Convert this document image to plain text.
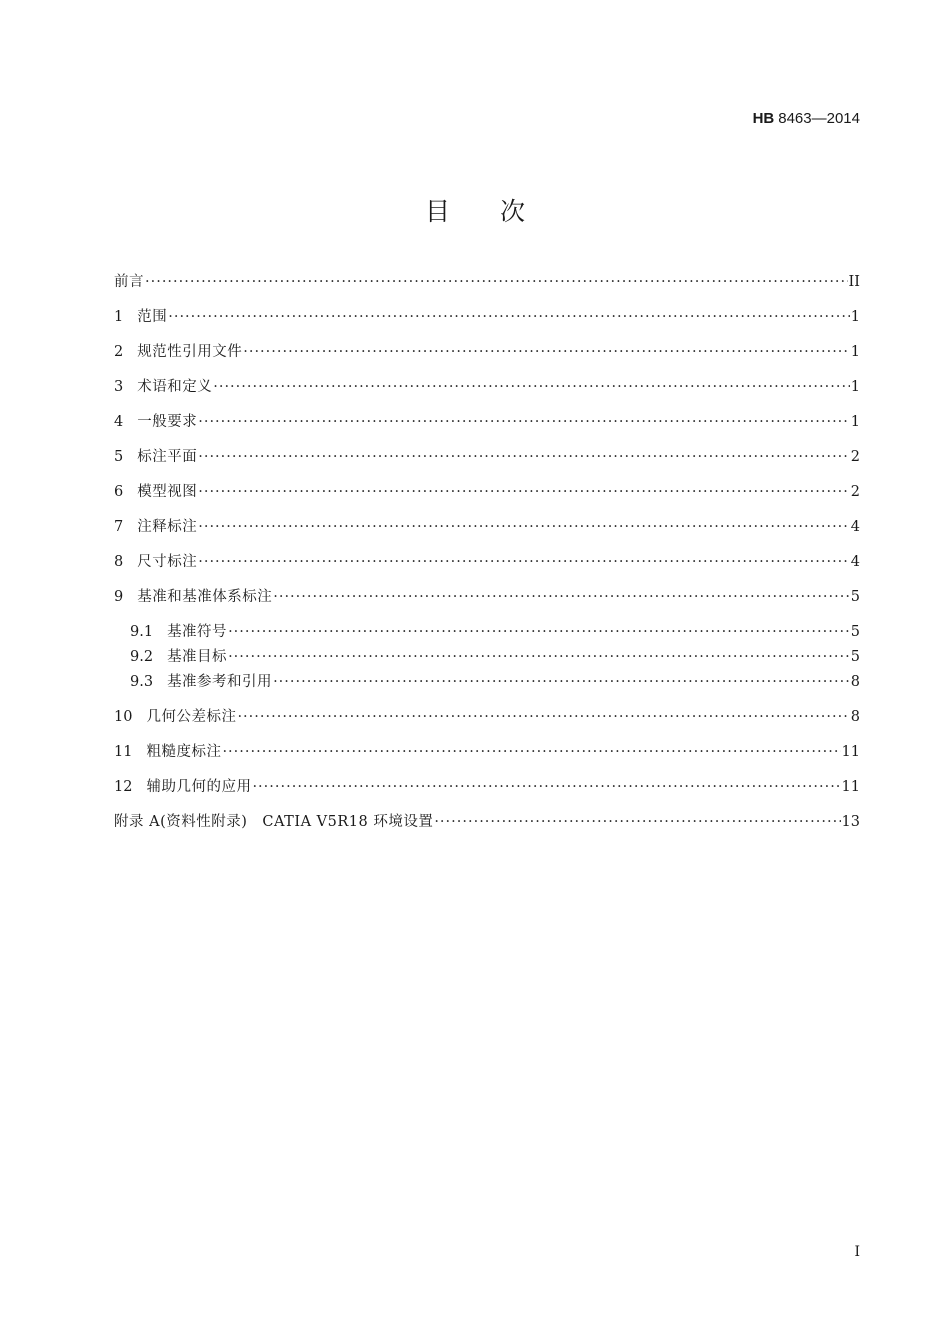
HB 8463—2014
目次
前言 ·····	II
1 范围 ·····	1
2 规范性引用文件 ·····	1
3 术语和定义 ·····	1
4 一般要求 ·····	1
5 标注平面 ·····	2
6 模型视图 ·····	2
7 注释标注 ·····	4
8 尺寸标注 ·····	4
9 基准和基准体系标注 ·····	5
9.1 基准符号 ·····	5
9.2 基准目标 ·····	5
9.3 基准参考和引用 ·····	8
10 几何公差标注 ·····	8
11 粗糙度标注 ·····	11
12 辅助几何的应用 ·····	11
附录 A(资料性附录)　CATIA V5R18 环境设置 ·····	13
I
